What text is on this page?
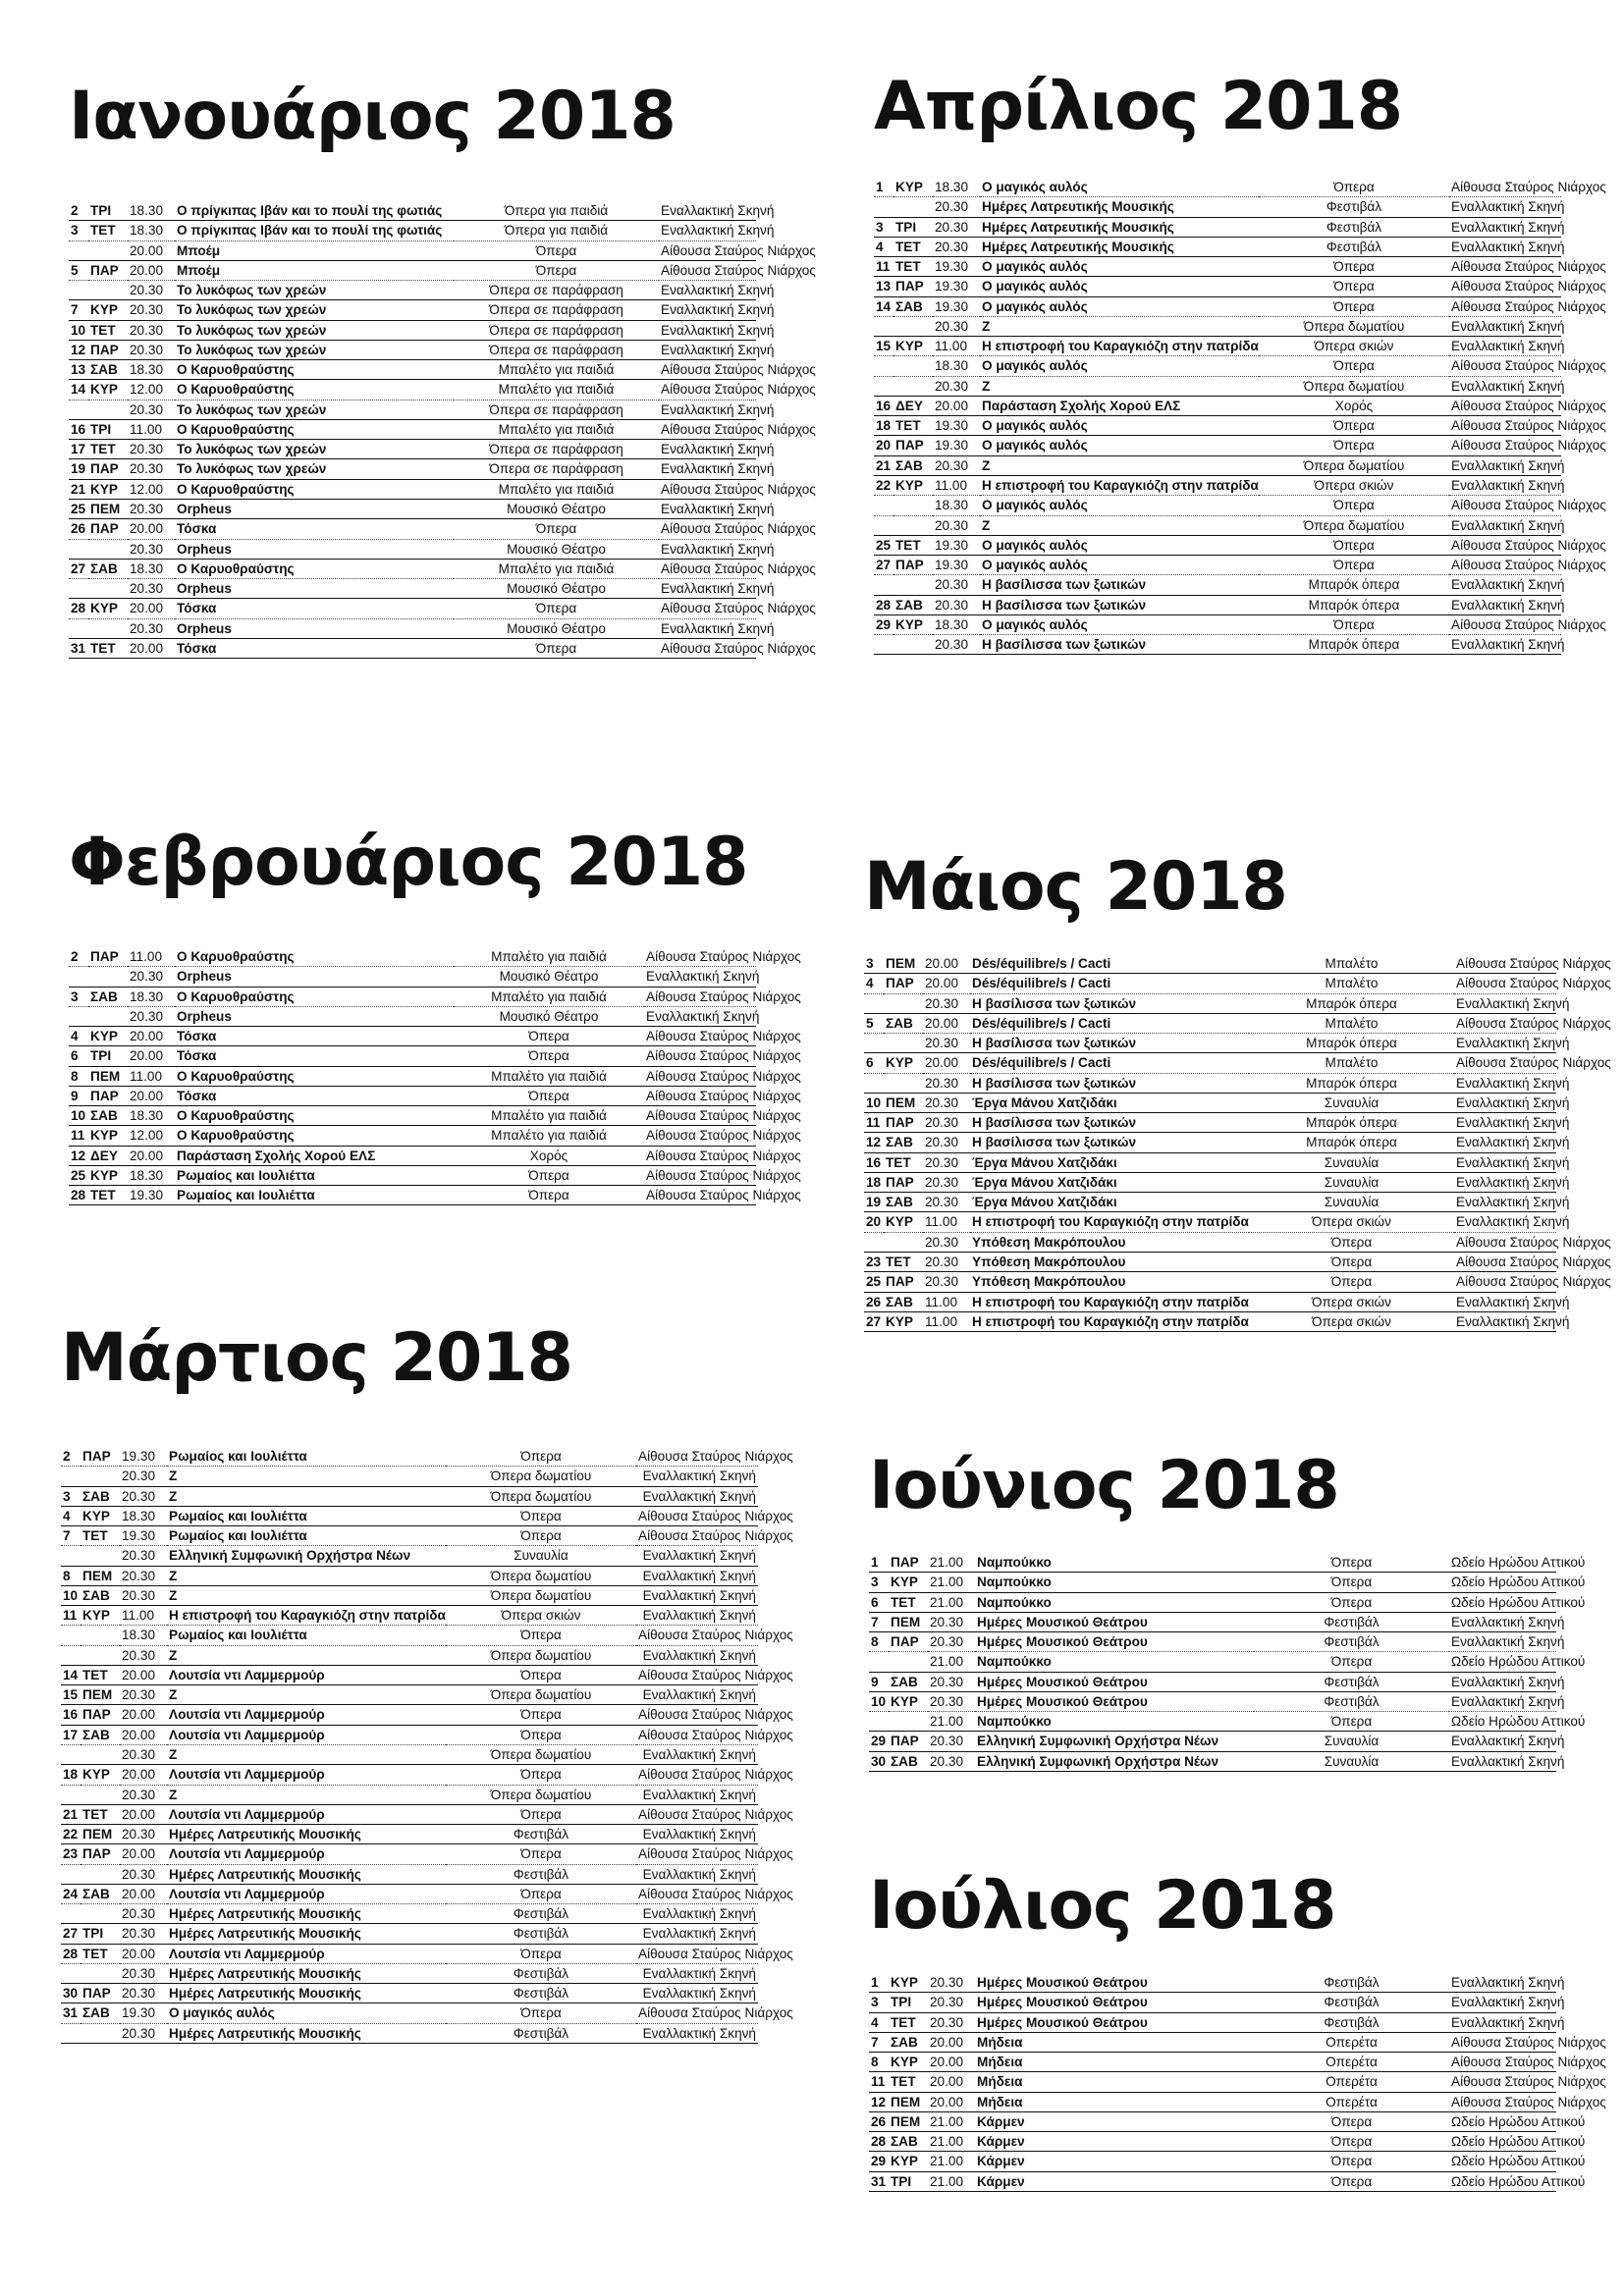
Ιανουάριος 2018
2	ΤΡΙ	18.30	Ο πρίγκιπας Ιβάν και το πουλί της φωτιάς	Όπερα για παιδιά	Εναλλακτική Σκηνή
3	ΤΕΤ	18.30	Ο πρίγκιπας Ιβάν και το πουλί της φωτιάς	Όπερα για παιδιά	Εναλλακτική Σκηνή
		20.00	Μποέμ	Όπερα	Αίθουσα Σταύρος Νιάρχος
5	ΠΑΡ	20.00	Μποέμ	Όπερα	Αίθουσα Σταύρος Νιάρχος
		20.30	Το λυκόφως των χρεών	Όπερα σε παράφραση	Εναλλακτική Σκηνή
7	ΚΥΡ	20.30	Το λυκόφως των χρεών	Όπερα σε παράφραση	Εναλλακτική Σκηνή
10	ΤΕΤ	20.30	Το λυκόφως των χρεών	Όπερα σε παράφραση	Εναλλακτική Σκηνή
12	ΠΑΡ	20.30	Το λυκόφως των χρεών	Όπερα σε παράφραση	Εναλλακτική Σκηνή
13	ΣΑΒ	18.30	Ο Καρυοθραύστης	Μπαλέτο για παιδιά	Αίθουσα Σταύρος Νιάρχος
14	ΚΥΡ	12.00	Ο Καρυοθραύστης	Μπαλέτο για παιδιά	Αίθουσα Σταύρος Νιάρχος
		20.30	Το λυκόφως των χρεών	Όπερα σε παράφραση	Εναλλακτική Σκηνή
16	ΤΡΙ	11.00	Ο Καρυοθραύστης	Μπαλέτο για παιδιά	Αίθουσα Σταύρος Νιάρχος
17	ΤΕΤ	20.30	Το λυκόφως των χρεών	Όπερα σε παράφραση	Εναλλακτική Σκηνή
19	ΠΑΡ	20.30	Το λυκόφως των χρεών	Όπερα σε παράφραση	Εναλλακτική Σκηνή
21	ΚΥΡ	12.00	Ο Καρυοθραύστης	Μπαλέτο για παιδιά	Αίθουσα Σταύρος Νιάρχος
25	ΠΕΜ	20.30	Orpheus	Μουσικό Θέατρο	Εναλλακτική Σκηνή
26	ΠΑΡ	20.00	Τόσκα	Όπερα	Αίθουσα Σταύρος Νιάρχος
		20.30	Orpheus	Μουσικό Θέατρο	Εναλλακτική Σκηνή
27	ΣΑΒ	18.30	Ο Καρυοθραύστης	Μπαλέτο για παιδιά	Αίθουσα Σταύρος Νιάρχος
		20.30	Orpheus	Μουσικό Θέατρο	Εναλλακτική Σκηνή
28	ΚΥΡ	20.00	Τόσκα	Όπερα	Αίθουσα Σταύρος Νιάρχος
		20.30	Orpheus	Μουσικό Θέατρο	Εναλλακτική Σκηνή
31	ΤΕΤ	20.00	Τόσκα	Όπερα	Αίθουσα Σταύρος Νιάρχος
Φεβρουάριος 2018
2	ΠΑΡ	11.00	Ο Καρυοθραύστης	Μπαλέτο για παιδιά	Αίθουσα Σταύρος Νιάρχος
		20.30	Orpheus	Μουσικό Θέατρο	Εναλλακτική Σκηνή
3	ΣΑΒ	18.30	Ο Καρυοθραύστης	Μπαλέτο για παιδιά	Αίθουσα Σταύρος Νιάρχος
		20.30	Orpheus	Μουσικό Θέατρο	Εναλλακτική Σκηνή
4	ΚΥΡ	20.00	Τόσκα	Όπερα	Αίθουσα Σταύρος Νιάρχος
6	ΤΡΙ	20.00	Τόσκα	Όπερα	Αίθουσα Σταύρος Νιάρχος
8	ΠΕΜ	11.00	Ο Καρυοθραύστης	Μπαλέτο για παιδιά	Αίθουσα Σταύρος Νιάρχος
9	ΠΑΡ	20.00	Τόσκα	Όπερα	Αίθουσα Σταύρος Νιάρχος
10	ΣΑΒ	18.30	Ο Καρυοθραύστης	Μπαλέτο για παιδιά	Αίθουσα Σταύρος Νιάρχος
11	ΚΥΡ	12.00	Ο Καρυοθραύστης	Μπαλέτο για παιδιά	Αίθουσα Σταύρος Νιάρχος
12	ΔΕΥ	20.00	Παράσταση Σχολής Χορού ΕΛΣ	Χορός	Αίθουσα Σταύρος Νιάρχος
25	ΚΥΡ	18.30	Ρωμαίος και Ιουλιέττα	Όπερα	Αίθουσα Σταύρος Νιάρχος
28	ΤΕΤ	19.30	Ρωμαίος και Ιουλιέττα	Όπερα	Αίθουσα Σταύρος Νιάρχος
Μάρτιος 2018
2	ΠΑΡ	19.30	Ρωμαίος και Ιουλιέττα	Όπερα	Αίθουσα Σταύρος Νιάρχος
		20.30	Ζ	Όπερα δωματίου	Εναλλακτική Σκηνή
3	ΣΑΒ	20.30	Ζ	Όπερα δωματίου	Εναλλακτική Σκηνή
4	ΚΥΡ	18.30	Ρωμαίος και Ιουλιέττα	Όπερα	Αίθουσα Σταύρος Νιάρχος
7	ΤΕΤ	19.30	Ρωμαίος και Ιουλιέττα	Όπερα	Αίθουσα Σταύρος Νιάρχος
		20.30	Ελληνική Συμφωνική Ορχήστρα Νέων	Συναυλία	Εναλλακτική Σκηνή
8	ΠΕΜ	20.30	Ζ	Όπερα δωματίου	Εναλλακτική Σκηνή
10	ΣΑΒ	20.30	Ζ	Όπερα δωματίου	Εναλλακτική Σκηνή
11	ΚΥΡ	11.00	Η επιστροφή του Καραγκιόζη στην πατρίδα	Όπερα σκιών	Εναλλακτική Σκηνή
		18.30	Ρωμαίος και Ιουλιέττα	Όπερα	Αίθουσα Σταύρος Νιάρχος
		20.30	Ζ	Όπερα δωματίου	Εναλλακτική Σκηνή
14	ΤΕΤ	20.00	Λουτσία ντι Λαμμερμούρ	Όπερα	Αίθουσα Σταύρος Νιάρχος
15	ΠΕΜ	20.30	Ζ	Όπερα δωματίου	Εναλλακτική Σκηνή
16	ΠΑΡ	20.00	Λουτσία ντι Λαμμερμούρ	Όπερα	Αίθουσα Σταύρος Νιάρχος
17	ΣΑΒ	20.00	Λουτσία ντι Λαμμερμούρ	Όπερα	Αίθουσα Σταύρος Νιάρχος
		20.30	Ζ	Όπερα δωματίου	Εναλλακτική Σκηνή
18	ΚΥΡ	20.00	Λουτσία ντι Λαμμερμούρ	Όπερα	Αίθουσα Σταύρος Νιάρχος
		20.30	Ζ	Όπερα δωματίου	Εναλλακτική Σκηνή
21	ΤΕΤ	20.00	Λουτσία ντι Λαμμερμούρ	Όπερα	Αίθουσα Σταύρος Νιάρχος
22	ΠΕΜ	20.30	Ημέρες Λατρευτικής Μουσικής	Φεστιβάλ	Εναλλακτική Σκηνή
23	ΠΑΡ	20.00	Λουτσία ντι Λαμμερμούρ	Όπερα	Αίθουσα Σταύρος Νιάρχος
		20.30	Ημέρες Λατρευτικής Μουσικής	Φεστιβάλ	Εναλλακτική Σκηνή
24	ΣΑΒ	20.00	Λουτσία ντι Λαμμερμούρ	Όπερα	Αίθουσα Σταύρος Νιάρχος
		20.30	Ημέρες Λατρευτικής Μουσικής	Φεστιβάλ	Εναλλακτική Σκηνή
27	ΤΡΙ	20.30	Ημέρες Λατρευτικής Μουσικής	Φεστιβάλ	Εναλλακτική Σκηνή
28	ΤΕΤ	20.00	Λουτσία ντι Λαμμερμούρ	Όπερα	Αίθουσα Σταύρος Νιάρχος
		20.30	Ημέρες Λατρευτικής Μουσικής	Φεστιβάλ	Εναλλακτική Σκηνή
30	ΠΑΡ	20.30	Ημέρες Λατρευτικής Μουσικής	Φεστιβάλ	Εναλλακτική Σκηνή
31	ΣΑΒ	19.30	Ο μαγικός αυλός	Όπερα	Αίθουσα Σταύρος Νιάρχος
		20.30	Ημέρες Λατρευτικής Μουσικής	Φεστιβάλ	Εναλλακτική Σκηνή
Απρίλιος 2018
1	ΚΥΡ	18.30	Ο μαγικός αυλός	Όπερα	Αίθουσα Σταύρος Νιάρχος
		20.30	Ημέρες Λατρευτικής Μουσικής	Φεστιβάλ	Εναλλακτική Σκηνή
3	ΤΡΙ	20.30	Ημέρες Λατρευτικής Μουσικής	Φεστιβάλ	Εναλλακτική Σκηνή
4	ΤΕΤ	20.30	Ημέρες Λατρευτικής Μουσικής	Φεστιβάλ	Εναλλακτική Σκηνή
11	ΤΕΤ	19.30	Ο μαγικός αυλός	Όπερα	Αίθουσα Σταύρος Νιάρχος
13	ΠΑΡ	19.30	Ο μαγικός αυλός	Όπερα	Αίθουσα Σταύρος Νιάρχος
14	ΣΑΒ	19.30	Ο μαγικός αυλός	Όπερα	Αίθουσα Σταύρος Νιάρχος
		20.30	Ζ	Όπερα δωματίου	Εναλλακτική Σκηνή
15	ΚΥΡ	11.00	Η επιστροφή του Καραγκιόζη στην πατρίδα	Όπερα σκιών	Εναλλακτική Σκηνή
		18.30	Ο μαγικός αυλός	Όπερα	Αίθουσα Σταύρος Νιάρχος
		20.30	Ζ	Όπερα δωματίου	Εναλλακτική Σκηνή
16	ΔΕΥ	20.00	Παράσταση Σχολής Χορού ΕΛΣ	Χορός	Αίθουσα Σταύρος Νιάρχος
18	ΤΕΤ	19.30	Ο μαγικός αυλός	Όπερα	Αίθουσα Σταύρος Νιάρχος
20	ΠΑΡ	19.30	Ο μαγικός αυλός	Όπερα	Αίθουσα Σταύρος Νιάρχος
21	ΣΑΒ	20.30	Ζ	Όπερα δωματίου	Εναλλακτική Σκηνή
22	ΚΥΡ	11.00	Η επιστροφή του Καραγκιόζη στην πατρίδα	Όπερα σκιών	Εναλλακτική Σκηνή
		18.30	Ο μαγικός αυλός	Όπερα	Αίθουσα Σταύρος Νιάρχος
		20.30	Ζ	Όπερα δωματίου	Εναλλακτική Σκηνή
25	ΤΕΤ	19.30	Ο μαγικός αυλός	Όπερα	Αίθουσα Σταύρος Νιάρχος
27	ΠΑΡ	19.30	Ο μαγικός αυλός	Όπερα	Αίθουσα Σταύρος Νιάρχος
		20.30	Η βασίλισσα των ξωτικών	Μπαρόκ όπερα	Εναλλακτική Σκηνή
28	ΣΑΒ	20.30	Η βασίλισσα των ξωτικών	Μπαρόκ όπερα	Εναλλακτική Σκηνή
29	ΚΥΡ	18.30	Ο μαγικός αυλός	Όπερα	Αίθουσα Σταύρος Νιάρχος
		20.30	Η βασίλισσα των ξωτικών	Μπαρόκ όπερα	Εναλλακτική Σκηνή
Μάιος 2018
3	ΠΕΜ	20.00	Dés/équilibre/s / Cacti	Μπαλέτο	Αίθουσα Σταύρος Νιάρχος
4	ΠΑΡ	20.00	Dés/équilibre/s / Cacti	Μπαλέτο	Αίθουσα Σταύρος Νιάρχος
		20.30	Η βασίλισσα των ξωτικών	Μπαρόκ όπερα	Εναλλακτική Σκηνή
5	ΣΑΒ	20.00	Dés/équilibre/s / Cacti	Μπαλέτο	Αίθουσα Σταύρος Νιάρχος
		20.30	Η βασίλισσα των ξωτικών	Μπαρόκ όπερα	Εναλλακτική Σκηνή
6	ΚΥΡ	20.00	Dés/équilibre/s / Cacti	Μπαλέτο	Αίθουσα Σταύρος Νιάρχος
		20.30	Η βασίλισσα των ξωτικών	Μπαρόκ όπερα	Εναλλακτική Σκηνή
10	ΠΕΜ	20.30	Έργα Μάνου Χατζιδάκι	Συναυλία	Εναλλακτική Σκηνή
11	ΠΑΡ	20.30	Η βασίλισσα των ξωτικών	Μπαρόκ όπερα	Εναλλακτική Σκηνή
12	ΣΑΒ	20.30	Η βασίλισσα των ξωτικών	Μπαρόκ όπερα	Εναλλακτική Σκηνή
16	ΤΕΤ	20.30	Έργα Μάνου Χατζιδάκι	Συναυλία	Εναλλακτική Σκηνή
18	ΠΑΡ	20.30	Έργα Μάνου Χατζιδάκι	Συναυλία	Εναλλακτική Σκηνή
19	ΣΑΒ	20.30	Έργα Μάνου Χατζιδάκι	Συναυλία	Εναλλακτική Σκηνή
20	ΚΥΡ	11.00	Η επιστροφή του Καραγκιόζη στην πατρίδα	Όπερα σκιών	Εναλλακτική Σκηνή
		20.30	Υπόθεση Μακρόπουλου	Όπερα	Αίθουσα Σταύρος Νιάρχος
23	ΤΕΤ	20.30	Υπόθεση Μακρόπουλου	Όπερα	Αίθουσα Σταύρος Νιάρχος
25	ΠΑΡ	20.30	Υπόθεση Μακρόπουλου	Όπερα	Αίθουσα Σταύρος Νιάρχος
26	ΣΑΒ	11.00	Η επιστροφή του Καραγκιόζη στην πατρίδα	Όπερα σκιών	Εναλλακτική Σκηνή
27	ΚΥΡ	11.00	Η επιστροφή του Καραγκιόζη στην πατρίδα	Όπερα σκιών	Εναλλακτική Σκηνή
Ιούνιος 2018
1	ΠΑΡ	21.00	Ναμπούκκο	Όπερα	Ωδείο Ηρώδου Αττικού
3	ΚΥΡ	21.00	Ναμπούκκο	Όπερα	Ωδείο Ηρώδου Αττικού
6	ΤΕΤ	21.00	Ναμπούκκο	Όπερα	Ωδείο Ηρώδου Αττικού
7	ΠΕΜ	20.30	Ημέρες Μουσικού Θεάτρου	Φεστιβάλ	Εναλλακτική Σκηνή
8	ΠΑΡ	20.30	Ημέρες Μουσικού Θεάτρου	Φεστιβάλ	Εναλλακτική Σκηνή
		21.00	Ναμπούκκο	Όπερα	Ωδείο Ηρώδου Αττικού
9	ΣΑΒ	20.30	Ημέρες Μουσικού Θεάτρου	Φεστιβάλ	Εναλλακτική Σκηνή
10	ΚΥΡ	20.30	Ημέρες Μουσικού Θεάτρου	Φεστιβάλ	Εναλλακτική Σκηνή
		21.00	Ναμπούκκο	Όπερα	Ωδείο Ηρώδου Αττικού
29	ΠΑΡ	20.30	Ελληνική Συμφωνική Ορχήστρα Νέων	Συναυλία	Εναλλακτική Σκηνή
30	ΣΑΒ	20.30	Ελληνική Συμφωνική Ορχήστρα Νέων	Συναυλία	Εναλλακτική Σκηνή
Ιούλιος 2018
1	ΚΥΡ	20.30	Ημέρες Μουσικού Θεάτρου	Φεστιβάλ	Εναλλακτική Σκηνή
3	ΤΡΙ	20.30	Ημέρες Μουσικού Θεάτρου	Φεστιβάλ	Εναλλακτική Σκηνή
4	ΤΕΤ	20.30	Ημέρες Μουσικού Θεάτρου	Φεστιβάλ	Εναλλακτική Σκηνή
7	ΣΑΒ	20.00	Μήδεια	Οπερέτα	Αίθουσα Σταύρος Νιάρχος
8	ΚΥΡ	20.00	Μήδεια	Οπερέτα	Αίθουσα Σταύρος Νιάρχος
11	ΤΕΤ	20.00	Μήδεια	Οπερέτα	Αίθουσα Σταύρος Νιάρχος
12	ΠΕΜ	20.00	Μήδεια	Οπερέτα	Αίθουσα Σταύρος Νιάρχος
26	ΠΕΜ	21.00	Κάρμεν	Όπερα	Ωδείο Ηρώδου Αττικού
28	ΣΑΒ	21.00	Κάρμεν	Όπερα	Ωδείο Ηρώδου Αττικού
29	ΚΥΡ	21.00	Κάρμεν	Όπερα	Ωδείο Ηρώδου Αττικού
31	ΤΡΙ	21.00	Κάρμεν	Όπερα	Ωδείο Ηρώδου Αττικού
